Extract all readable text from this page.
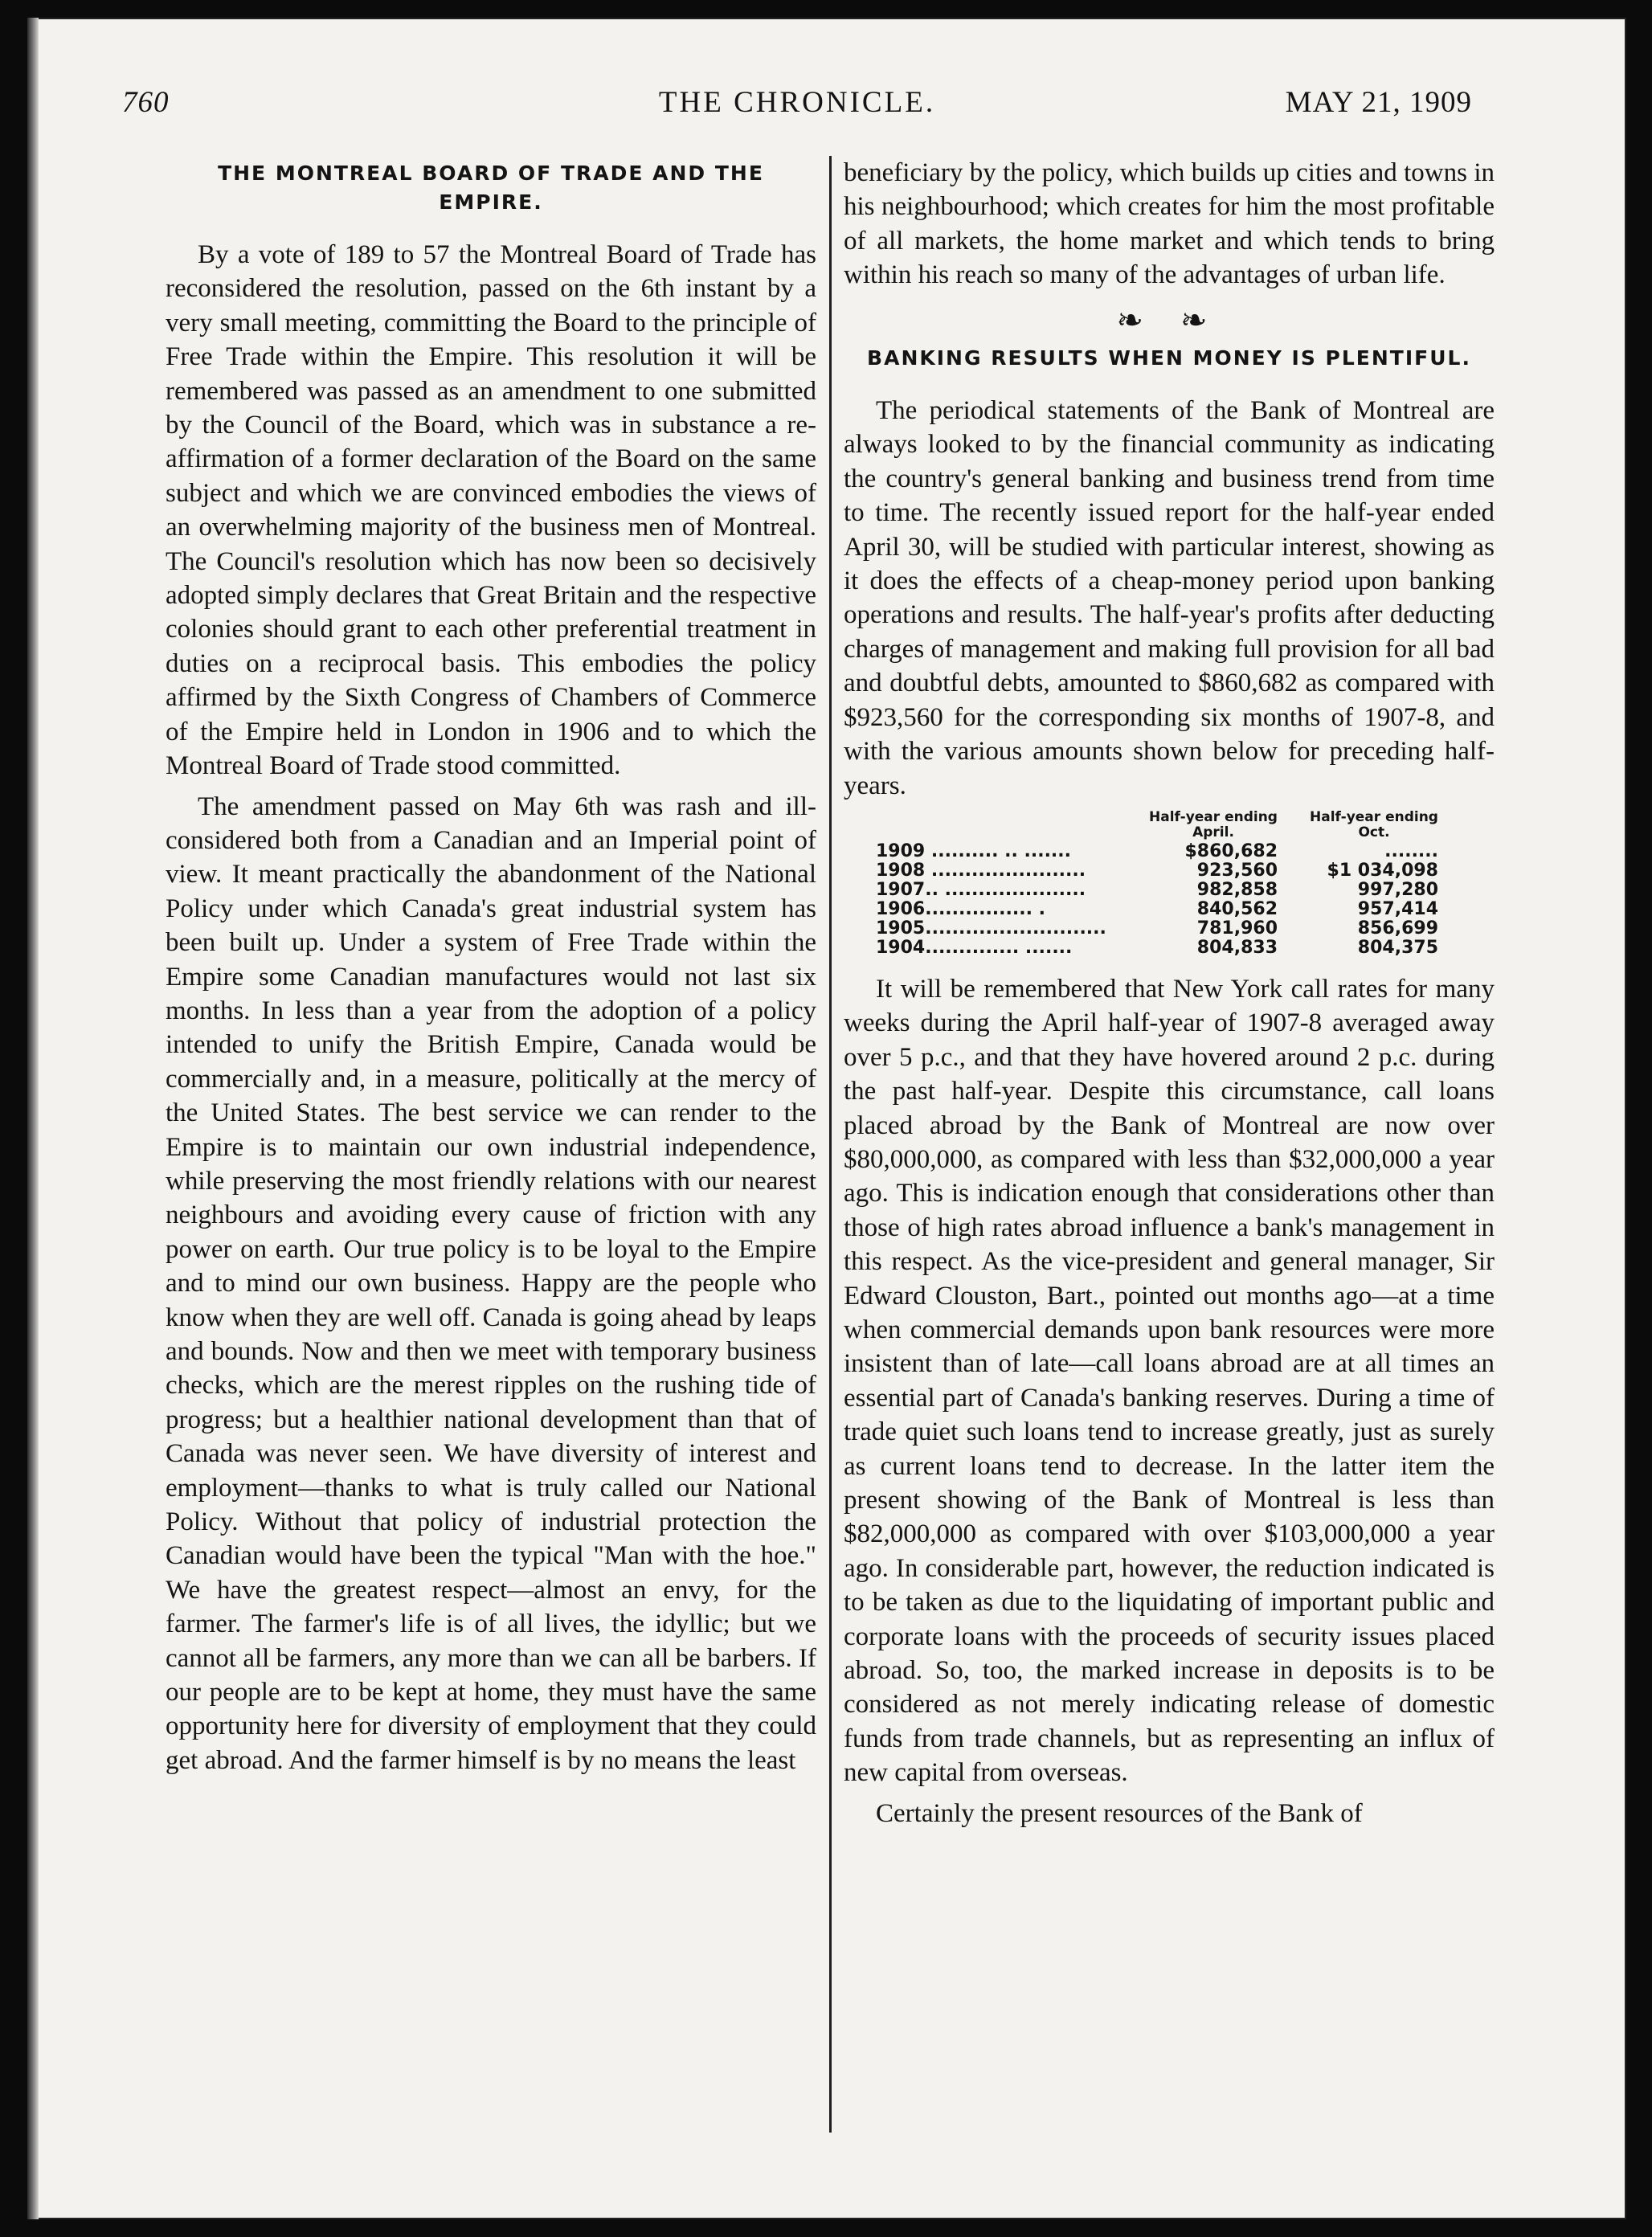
760	THE CHRONICLE.	MAY 21, 1909
THE MONTREAL BOARD OF TRADE AND THE EMPIRE.

By a vote of 189 to 57 the Montreal Board of Trade has reconsidered the resolution, passed on the 6th instant by a very small meeting, committing the Board to the principle of Free Trade within the Empire. This resolution it will be remembered was passed as an amendment to one submitted by the Council of the Board, which was in substance a re-affirmation of a former declaration of the Board on the same subject and which we are convinced embodies the views of an overwhelming majority of the business men of Montreal. The Council's resolution which has now been so decisively adopted simply declares that Great Britain and the respective colonies should grant to each other preferential treatment in duties on a reciprocal basis. This embodies the policy affirmed by the Sixth Congress of Chambers of Commerce of the Empire held in London in 1906 and to which the Montreal Board of Trade stood committed.

The amendment passed on May 6th was rash and ill-considered both from a Canadian and an Imperial point of view. It meant practically the abandonment of the National Policy under which Canada's great industrial system has been built up. Under a system of Free Trade within the Empire some Canadian manufactures would not last six months. In less than a year from the adoption of a policy intended to unify the British Empire, Canada would be commercially and, in a measure, politically at the mercy of the United States. The best service we can render to the Empire is to maintain our own industrial independence, while preserving the most friendly relations with our nearest neighbours and avoiding every cause of friction with any power on earth. Our true policy is to be loyal to the Empire and to mind our own business. Happy are the people who know when they are well off. Canada is going ahead by leaps and bounds. Now and then we meet with temporary business checks, which are the merest ripples on the rushing tide of progress; but a healthier national development than that of Canada was never seen. We have diversity of interest and employment—thanks to what is truly called our National Policy. Without that policy of industrial protection the Canadian would have been the typical "Man with the hoe." We have the greatest respect—almost an envy, for the farmer. The farmer's life is of all lives, the idyllic; but we cannot all be farmers, any more than we can all be barbers. If our people are to be kept at home, they must have the same opportunity here for diversity of employment that they could get abroad. And the farmer himself is by no means the least

beneficiary by the policy, which builds up cities and towns in his neighbourhood; which creates for him the most profitable of all markets, the home market and which tends to bring within his reach so many of the advantages of urban life.

❧ ❧
BANKING RESULTS WHEN MONEY IS PLENTIFUL.

The periodical statements of the Bank of Montreal are always looked to by the financial community as indicating the country's general banking and business trend from time to time. The recently issued report for the half-year ended April 30, will be studied with particular interest, showing as it does the effects of a cheap-money period upon banking operations and results. The half-year's profits after deducting charges of management and making full provision for all bad and doubtful debts, amounted to $860,682 as compared with $923,560 for the corresponding six months of 1907-8, and with the various amounts shown below for preceding half-years.

	Half-year ending April.	Half-year ending Oct.
1909 .......... .. .......	$860,682	........
1908 .......................	923,560	$1 034,098
1907.. .....................	982,858	997,280
1906................ .	840,562	957,414
1905...........................	781,960	856,699
1904.............. .......	804,833	804,375

It will be remembered that New York call rates for many weeks during the April half-year of 1907-8 averaged away over 5 p.c., and that they have hovered around 2 p.c. during the past half-year. Despite this circumstance, call loans placed abroad by the Bank of Montreal are now over $80,000,000, as compared with less than $32,000,000 a year ago. This is indication enough that considerations other than those of high rates abroad influence a bank's management in this respect. As the vice-president and general manager, Sir Edward Clouston, Bart., pointed out months ago—at a time when commercial demands upon bank resources were more insistent than of late—call loans abroad are at all times an essential part of Canada's banking reserves. During a time of trade quiet such loans tend to increase greatly, just as surely as current loans tend to decrease. In the latter item the present showing of the Bank of Montreal is less than $82,000,000 as compared with over $103,000,000 a year ago. In considerable part, however, the reduction indicated is to be taken as due to the liquidating of important public and corporate loans with the proceeds of security issues placed abroad. So, too, the marked increase in deposits is to be considered as not merely indicating release of domestic funds from trade channels, but as representing an influx of new capital from overseas.

Certainly the present resources of the Bank of
